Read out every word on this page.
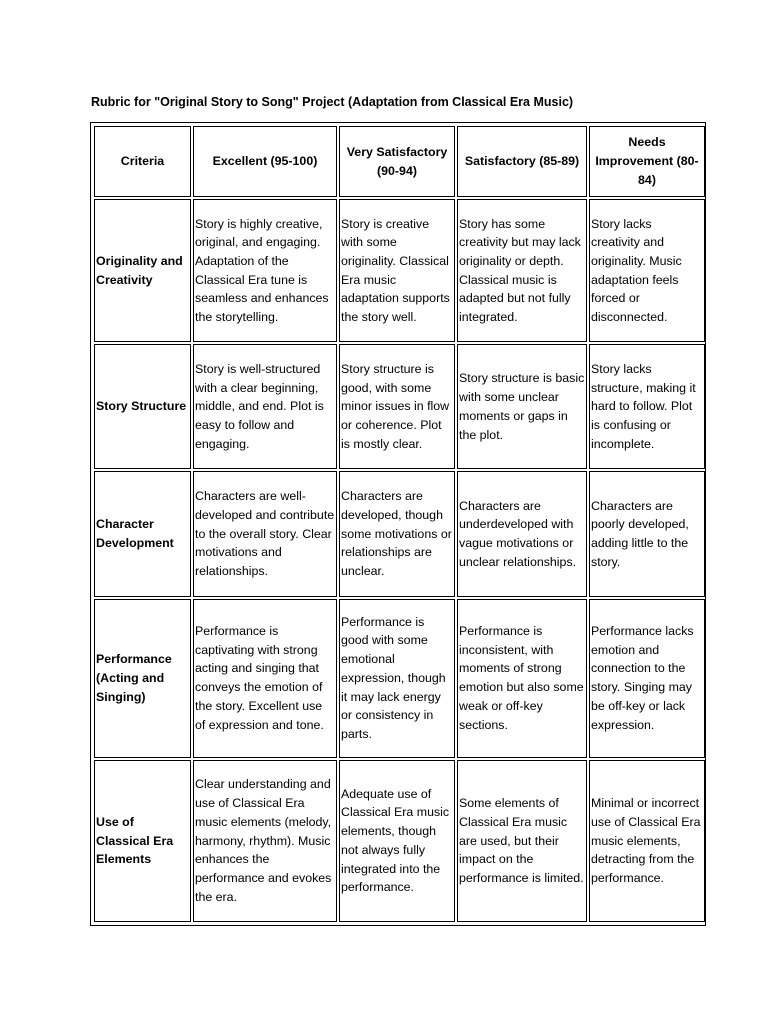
Rubric for "Original Story to Song" Project (Adaptation from Classical Era Music)
Criteria	Excellent (95-100)	Very Satisfactory (90-94)	Satisfactory (85-89)	Needs Improvement (80-84)
Originality and Creativity	Story is highly creative, original, and engaging. Adaptation of the Classical Era tune is seamless and enhances the storytelling.	Story is creative with some originality. Classical Era music adaptation supports the story well.	Story has some creativity but may lack originality or depth. Classical music is adapted but not fully integrated.	Story lacks creativity and originality. Music adaptation feels forced or disconnected.
Story Structure	Story is well-structured with a clear beginning, middle, and end. Plot is easy to follow and engaging.	Story structure is good, with some minor issues in flow or coherence. Plot is mostly clear.	Story structure is basic with some unclear moments or gaps in the plot.	Story lacks structure, making it hard to follow. Plot is confusing or incomplete.
Character Development	Characters are well-developed and contribute to the overall story. Clear motivations and relationships.	Characters are developed, though some motivations or relationships are unclear.	Characters are underdeveloped with vague motivations or unclear relationships.	Characters are poorly developed, adding little to the story.
Performance (Acting and Singing)	Performance is captivating with strong acting and singing that conveys the emotion of the story. Excellent use of expression and tone.	Performance is good with some emotional expression, though it may lack energy or consistency in parts.	Performance is inconsistent, with moments of strong emotion but also some weak or off-key sections.	Performance lacks emotion and connection to the story. Singing may be off-key or lack expression.
Use of Classical Era Elements	Clear understanding and use of Classical Era music elements (melody, harmony, rhythm). Music enhances the performance and evokes the era.	Adequate use of Classical Era music elements, though not always fully integrated into the performance.	Some elements of Classical Era music are used, but their impact on the performance is limited.	Minimal or incorrect use of Classical Era music elements, detracting from the performance.
